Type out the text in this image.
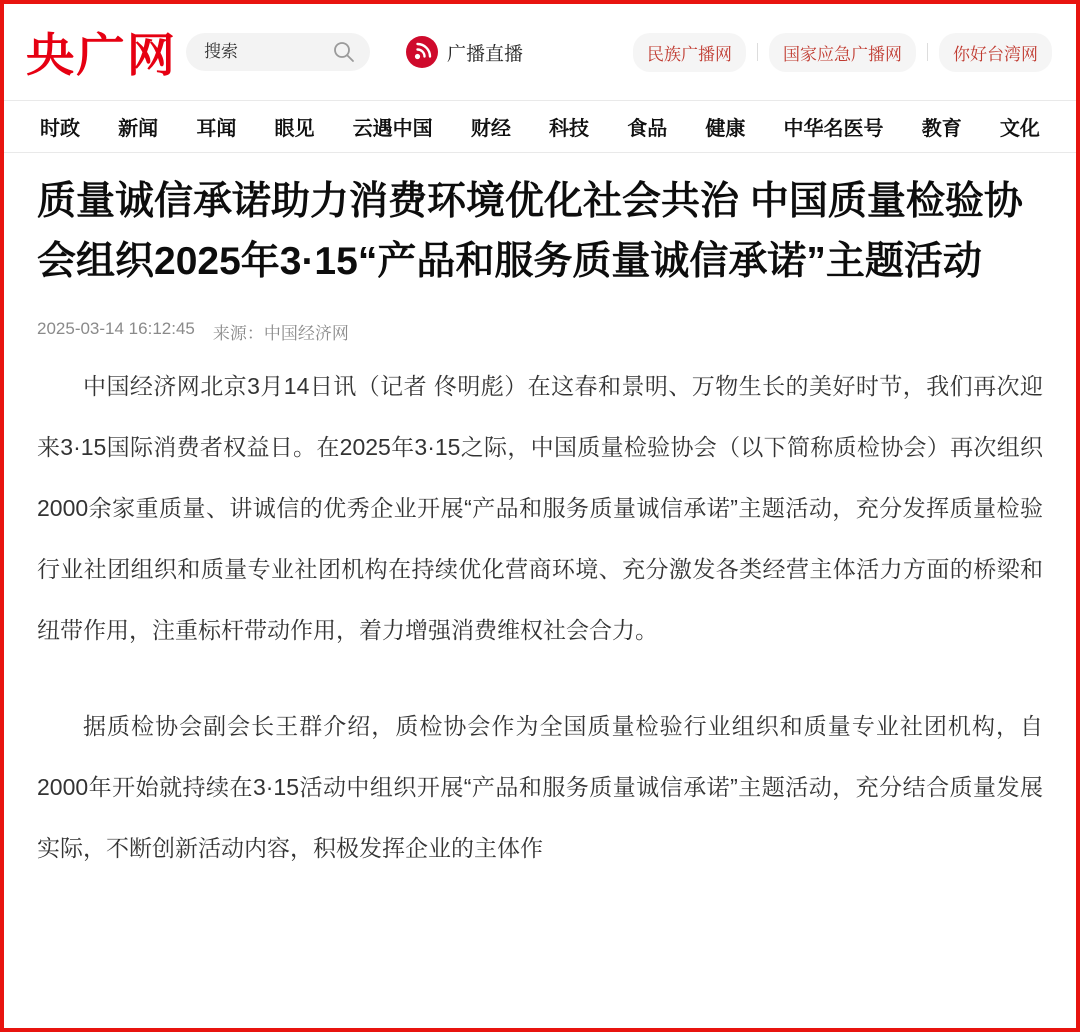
央广网
搜索	广播直播	民族广播网	国家应急广播网	你好台湾网
时政 新闻 耳闻 眼见 云遇中国 财经 科技 食品 健康 中华名医号 教育 文化
质量诚信承诺助力消费环境优化社会共治 中国质量检验协会组织2025年3·15“产品和服务质量诚信承诺”主题活动
2025-03-14 16:12:45 来源：中国经济网

中国经济网北京3月14日讯（记者 佟明彪）在这春和景明、万物生长的美好时节，我们再次迎来3·15国际消费者权益日。在2025年3·15之际，中国质量检验协会（以下简称质检协会）再次组织2000余家重质量、讲诚信的优秀企业开展“产品和服务质量诚信承诺”主题活动，充分发挥质量检验行业社团组织和质量专业社团机构在持续优化营商环境、充分激发各类经营主体活力方面的桥梁和纽带作用，注重标杆带动作用，着力增强消费维权社会合力。

据质检协会副会长王群介绍，质检协会作为全国质量检验行业组织和质量专业社团机构，自2000年开始就持续在3·15活动中组织开展“产品和服务质量诚信承诺”主题活动，充分结合质量发展实际，不断创新活动内容，积极发挥企业的主体作
